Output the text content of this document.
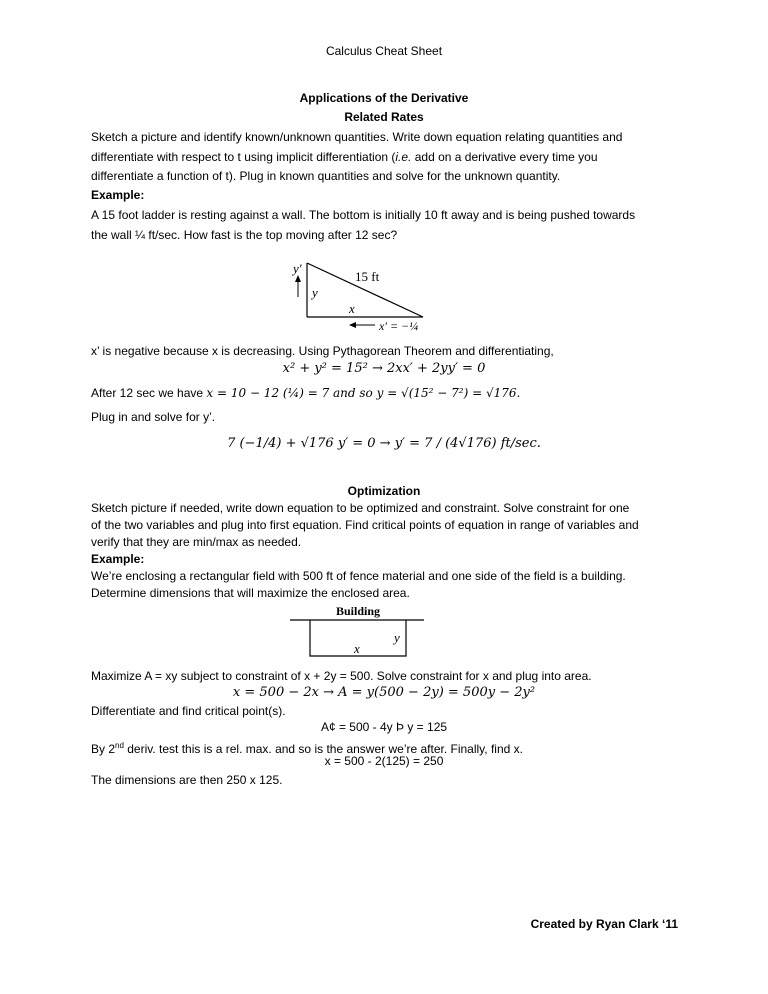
Calculus Cheat Sheet
Applications of the Derivative
Related Rates
Sketch a picture and identify known/unknown quantities. Write down equation relating quantities and
differentiate with respect to t using implicit differentiation (i.e. add on a derivative every time you
differentiate a function of t). Plug in known quantities and solve for the unknown quantity.
Example:
A 15 foot ladder is resting against a wall. The bottom is initially 10 ft away and is being pushed towards
the wall ¼ ft/sec. How fast is the top moving after 12 sec?
y′
y
15 ft
x
x′ = −¼
x’ is negative because x is decreasing. Using Pythagorean Theorem and differentiating,
x² + y² = 15² → 2xx′ + 2yy′ = 0
After 12 sec we have x = 10 − 12 (¼) = 7 and so y = √(15² − 7²) = √176.
Plug in and solve for y’.
7 (−1/4) + √176 y′ = 0 → y′ = 7 / (4√176) ft/sec.
Optimization
Sketch picture if needed, write down equation to be optimized and constraint. Solve constraint for one
of the two variables and plug into first equation. Find critical points of equation in range of variables and
verify that they are min/max as needed.
Example:
We’re enclosing a rectangular field with 500 ft of fence material and one side of the field is a building.
Determine dimensions that will maximize the enclosed area.
Building
y
x
Maximize A = xy subject to constraint of x + 2y = 500. Solve constraint for x and plug into area.
x = 500 − 2x → A = y(500 − 2y) = 500y − 2y²
Differentiate and find critical point(s).
A¢ = 500 - 4y Þ y = 125
By 2nd deriv. test this is a rel. max. and so is the answer we’re after. Finally, find x.
x = 500 - 2(125) = 250
The dimensions are then 250 x 125.
Created by Ryan Clark ‘11
